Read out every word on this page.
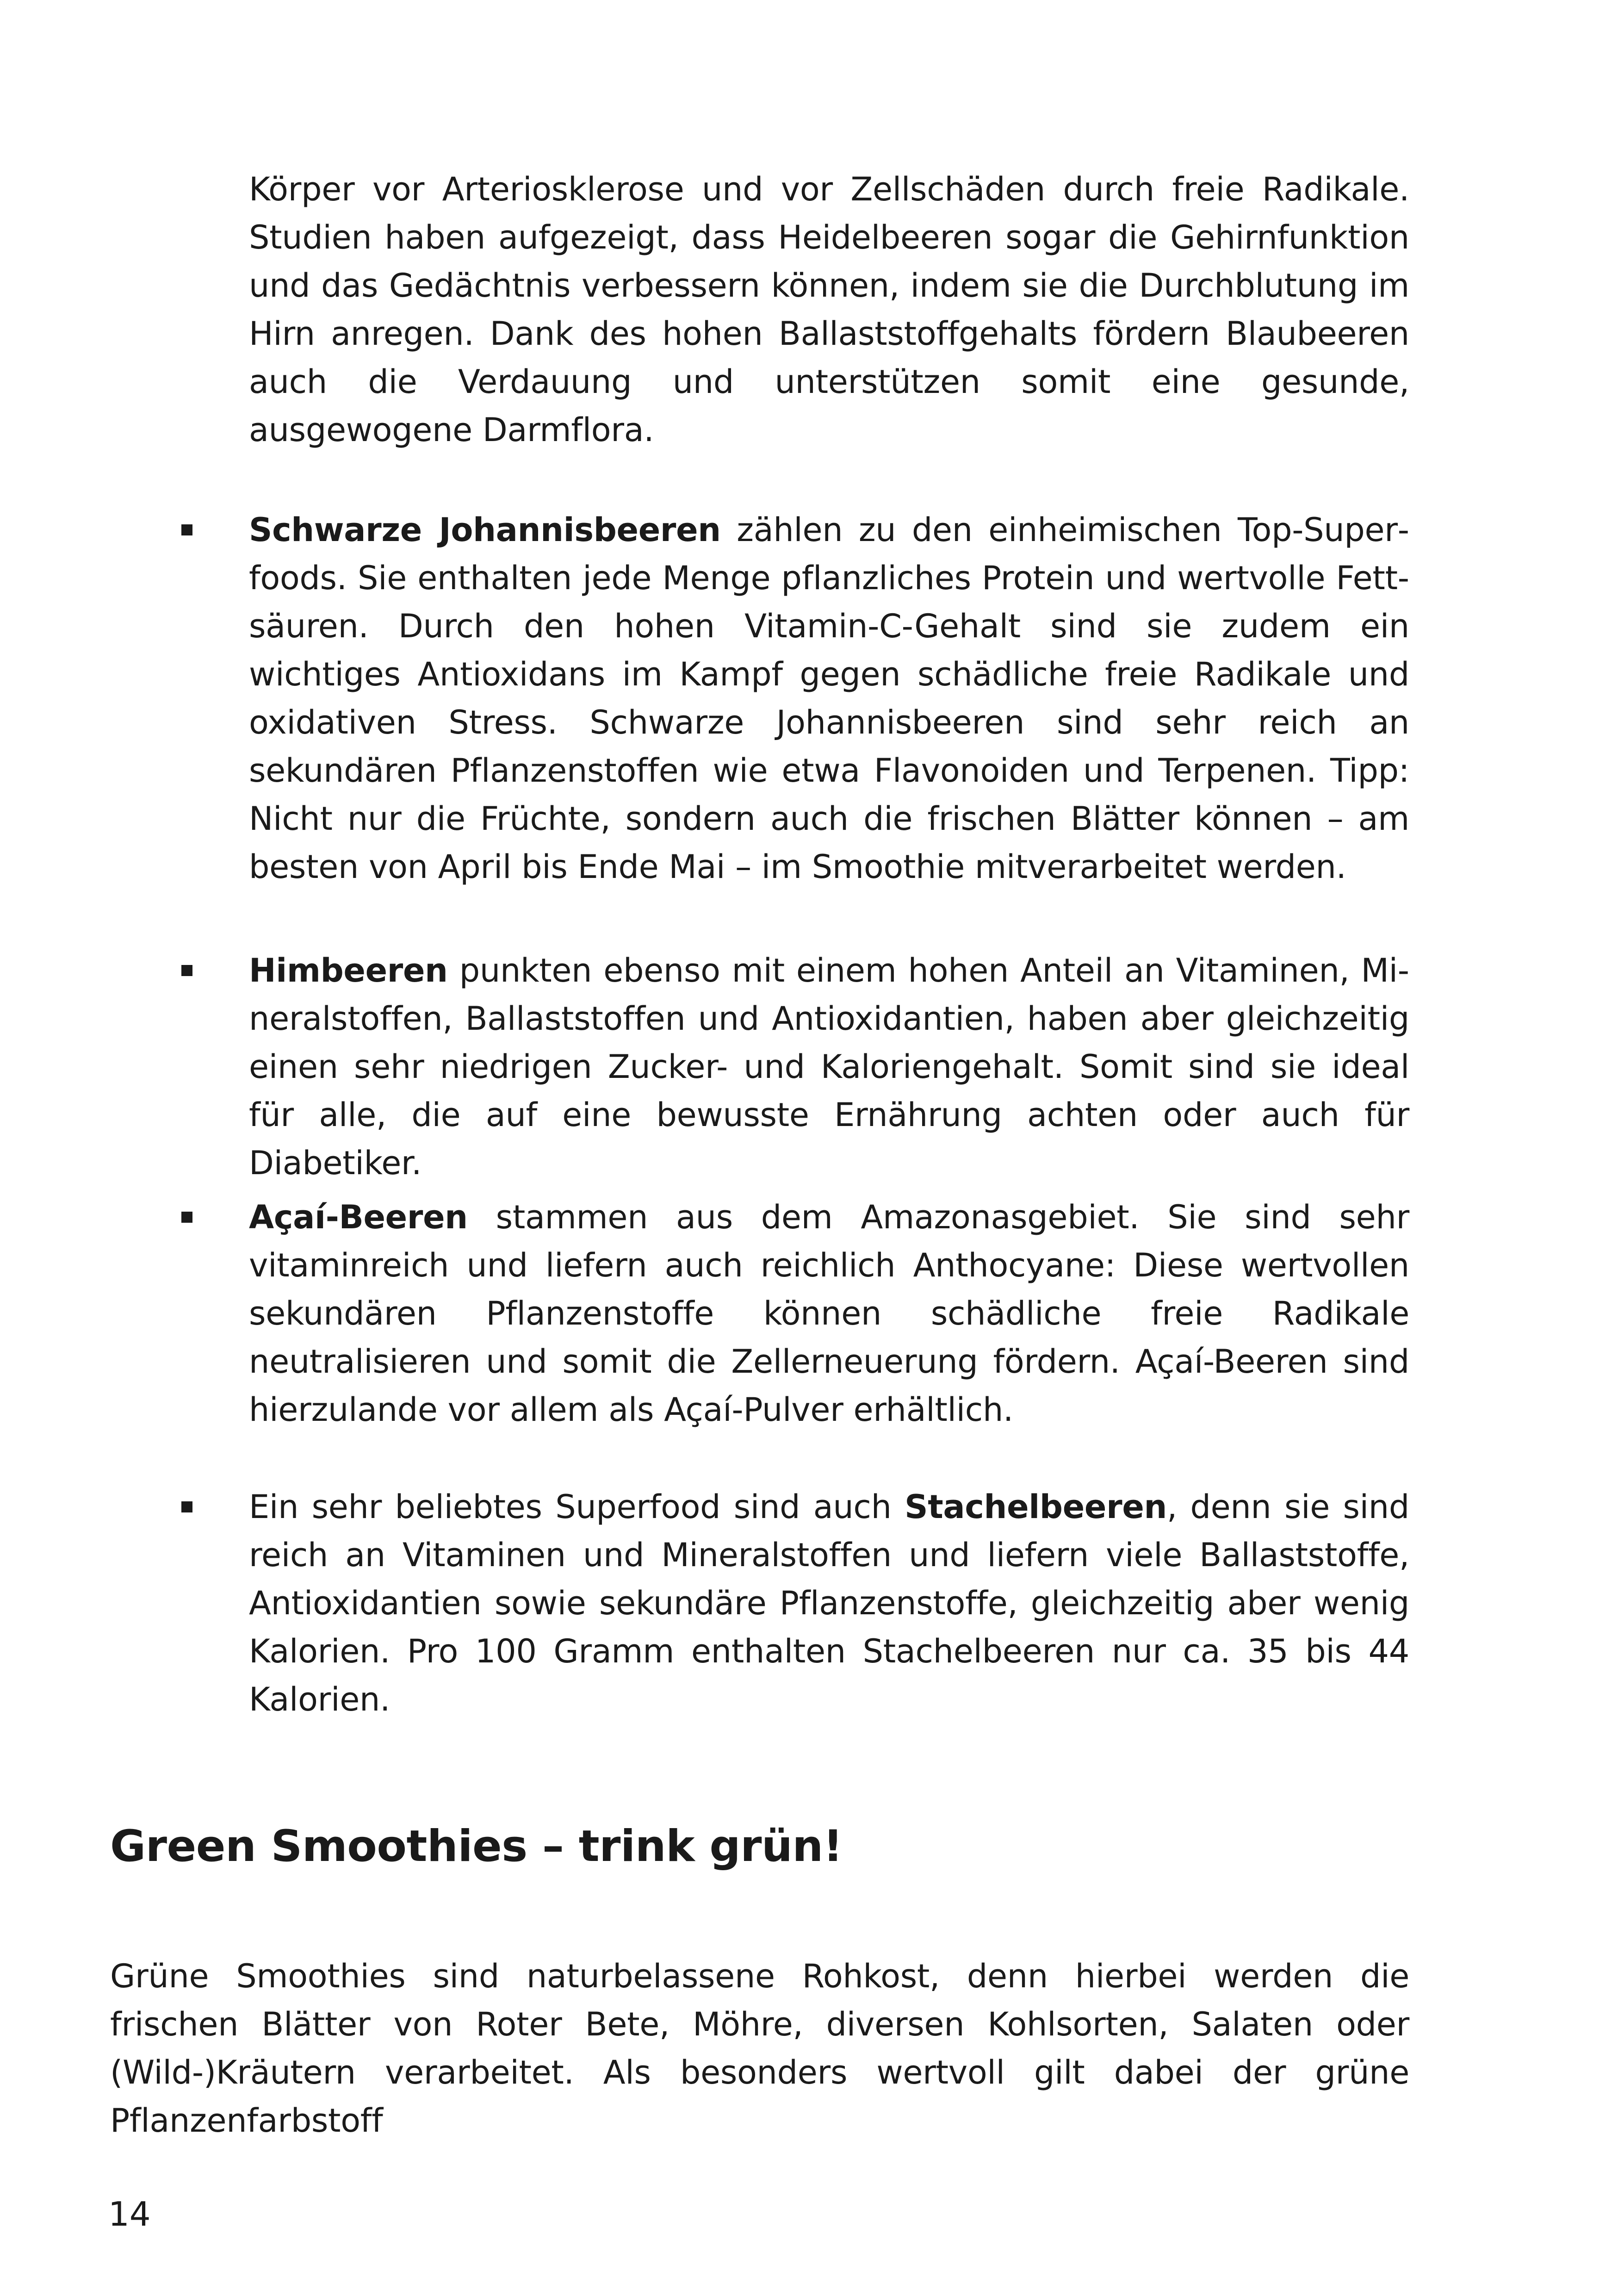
Körper vor Arteriosklerose und vor Zellschäden durch freie Radikale. Studien haben aufgezeigt, dass Heidelbeeren sogar die Gehirnfunktion und das Gedächtnis verbessern können, indem sie die Durchblutung im Hirn anregen. Dank des hohen Ballaststoffgehalts fördern Blaubeeren auch die Verdauung und unterstützen somit eine gesunde, ausgewogene Darmflora.

Schwarze Johannisbeeren zählen zu den einheimischen Top-Superfoods. Sie enthalten jede Menge pflanzliches Protein und wertvolle Fettsäuren. Durch den hohen Vitamin-C-Gehalt sind sie zudem ein wichtiges Antioxidans im Kampf gegen schädliche freie Radikale und oxidativen Stress. Schwarze Johannisbeeren sind sehr reich an sekundären Pflanzenstoffen wie etwa Flavonoiden und Terpenen. Tipp: Nicht nur die Früchte, sondern auch die frischen Blätter können – am besten von April bis Ende Mai – im Smoothie mitverarbeitet werden.

Himbeeren punkten ebenso mit einem hohen Anteil an Vitaminen, Mineralstoffen, Ballaststoffen und Antioxidantien, haben aber gleichzeitig einen sehr niedrigen Zucker- und Kaloriengehalt. Somit sind sie ideal für alle, die auf eine bewusste Ernährung achten oder auch für Diabetiker.

Açaí-Beeren stammen aus dem Amazonasgebiet. Sie sind sehr vitaminreich und liefern auch reichlich Anthocyane: Diese wertvollen sekundären Pflanzenstoffe können schädliche freie Radikale neutralisieren und somit die Zellerneuerung fördern. Açaí-Beeren sind hierzulande vor allem als Açaí-Pulver erhältlich.

Ein sehr beliebtes Superfood sind auch Stachelbeeren, denn sie sind reich an Vitaminen und Mineralstoffen und liefern viele Ballaststoffe, Antioxidantien sowie sekundäre Pflanzenstoffe, gleichzeitig aber wenig Kalorien. Pro 100 Gramm enthalten Stachelbeeren nur ca. 35 bis 44 Kalorien.

Green Smoothies – trink grün!

Grüne Smoothies sind naturbelassene Rohkost, denn hierbei werden die frischen Blätter von Roter Bete, Möhre, diversen Kohlsorten, Salaten oder (Wild-)Kräutern verarbeitet. Als besonders wertvoll gilt dabei der grüne Pflanzenfarbstoff

14
